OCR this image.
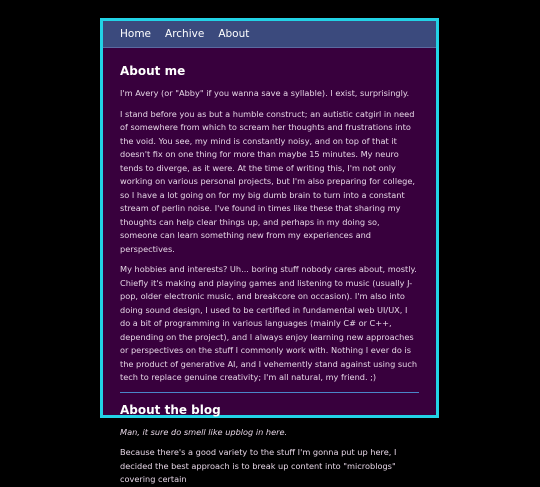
Home Archive About
About me

I'm Avery (or "Abby" if you wanna save a syllable). I exist, surprisingly.

I stand before you as but a humble construct; an autistic catgirl in need of somewhere from which to scream her thoughts and frustrations into the void. You see, my mind is constantly noisy, and on top of that it doesn't fix on one thing for more than maybe 15 minutes. My neuro tends to diverge, as it were. At the time of writing this, I'm not only working on various personal projects, but I'm also preparing for college, so I have a lot going on for my big dumb brain to turn into a constant stream of perlin noise. I've found in times like these that sharing my thoughts can help clear things up, and perhaps in my doing so, someone can learn something new from my experiences and perspectives.

My hobbies and interests? Uh... boring stuff nobody cares about, mostly. Chiefly it's making and playing games and listening to music (usually J-pop, older electronic music, and breakcore on occasion). I'm also into doing sound design, I used to be certified in fundamental web UI/UX, I do a bit of programming in various languages (mainly C# or C++, depending on the project), and I always enjoy learning new approaches or perspectives on the stuff I commonly work with. Nothing I ever do is the product of generative AI, and I vehemently stand against using such tech to replace genuine creativity; I'm all natural, my friend. ;)

About the blog

Man, it sure do smell like upblog in here.

Because there's a good variety to the stuff I'm gonna put up here, I decided the best approach is to break up content into "microblogs" covering certain
